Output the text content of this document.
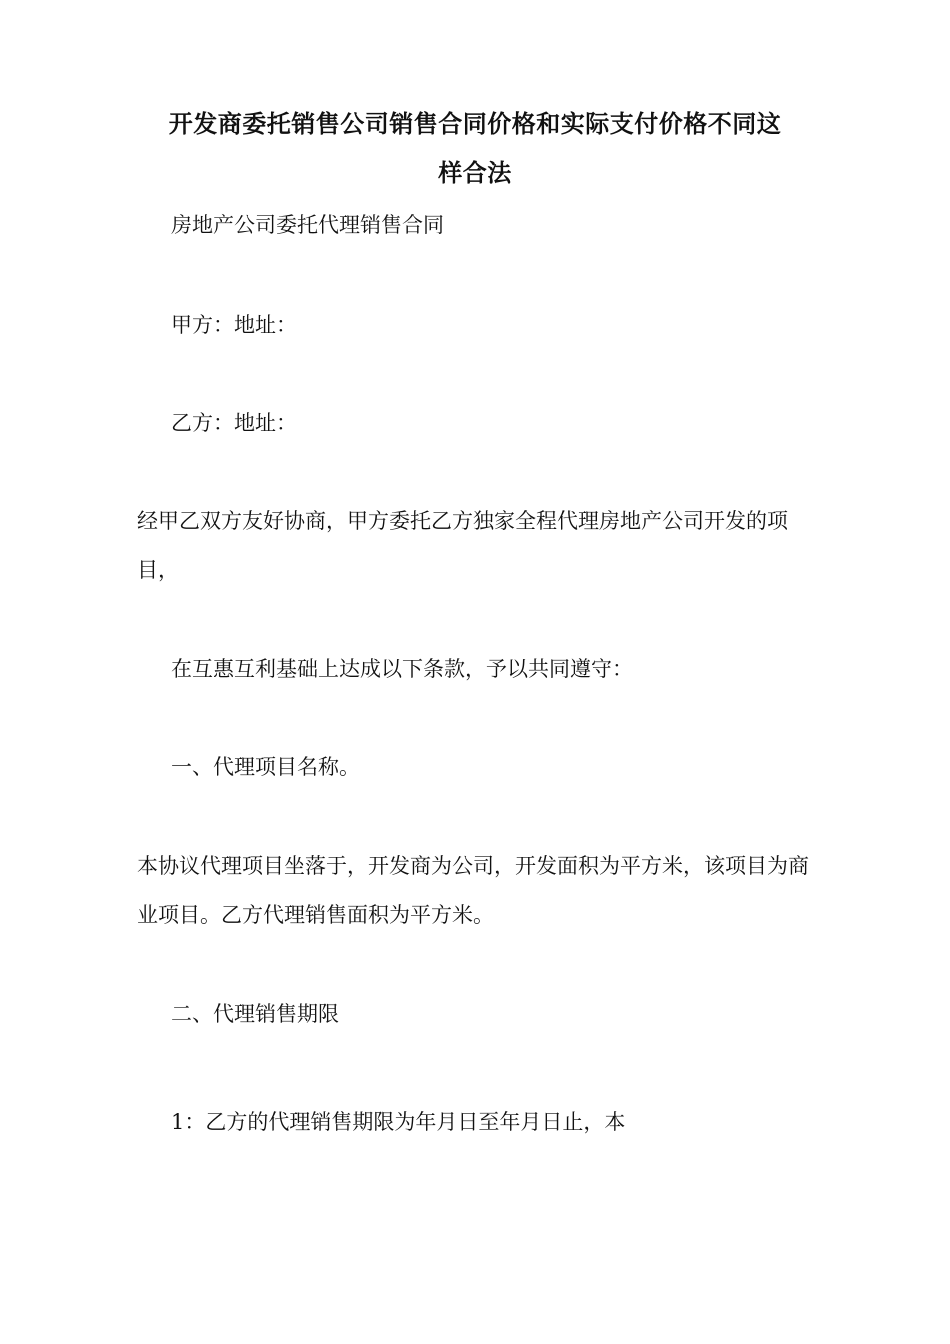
开发商委托销售公司销售合同价格和实际支付价格不同这
样合法

房地产公司委托代理销售合同

甲方：地址：

乙方：地址：

经甲乙双方友好协商，甲方委托乙方独家全程代理房地产公司开发的项目，

在互惠互利基础上达成以下条款，予以共同遵守：

一、代理项目名称。

本协议代理项目坐落于，开发商为公司，开发面积为平方米，该项目为商业项目。乙方代理销售面积为平方米。

二、代理销售期限

1：乙方的代理销售期限为年月日至年月日止，本
